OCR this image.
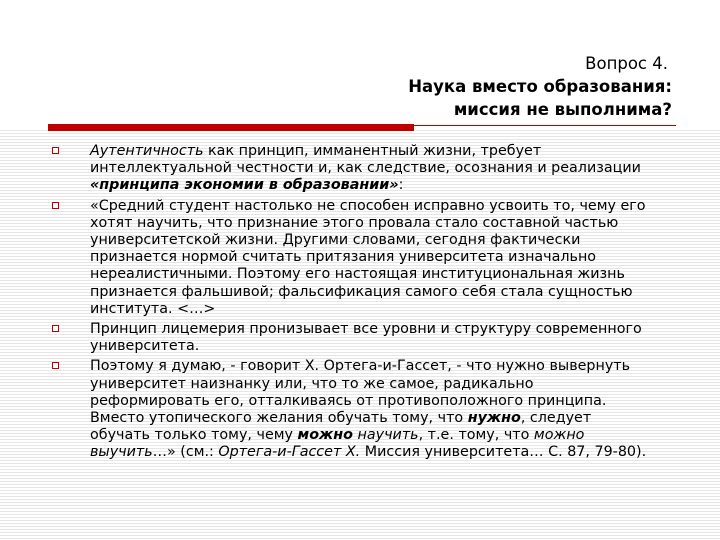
Вопрос 4.
Наука вместо образования:
миссия не выполнима?
Аутентичность как принцип, имманентный жизни, требует интеллектуальной честности и, как следствие, осознания и реализации «принципа экономии в образовании»:
«Средний студент настолько не способен исправно усвоить то, чему его хотят научить, что признание этого провала стало составной частью университетской жизни. Другими словами, сегодня фактически признается нормой считать притязания университета изначально нереалистичными. Поэтому его настоящая институциональная жизнь признается фальшивой; фальсификация самого себя стала сущностью института. <…>
Принцип лицемерия пронизывает все уровни и структуру современного университета.
Поэтому я думаю, - говорит Х. Ортега-и-Гассет, - что нужно вывернуть университет наизнанку или, что то же самое, радикально реформировать его, отталкиваясь от противоположного принципа. Вместо утопического желания обучать тому, что нужно, следует обучать только тому, чему можно научить, т.е. тому, что можно выучить…» (см.: Ортега-и-Гассет Х. Миссия университета… С. 87, 79-80).
